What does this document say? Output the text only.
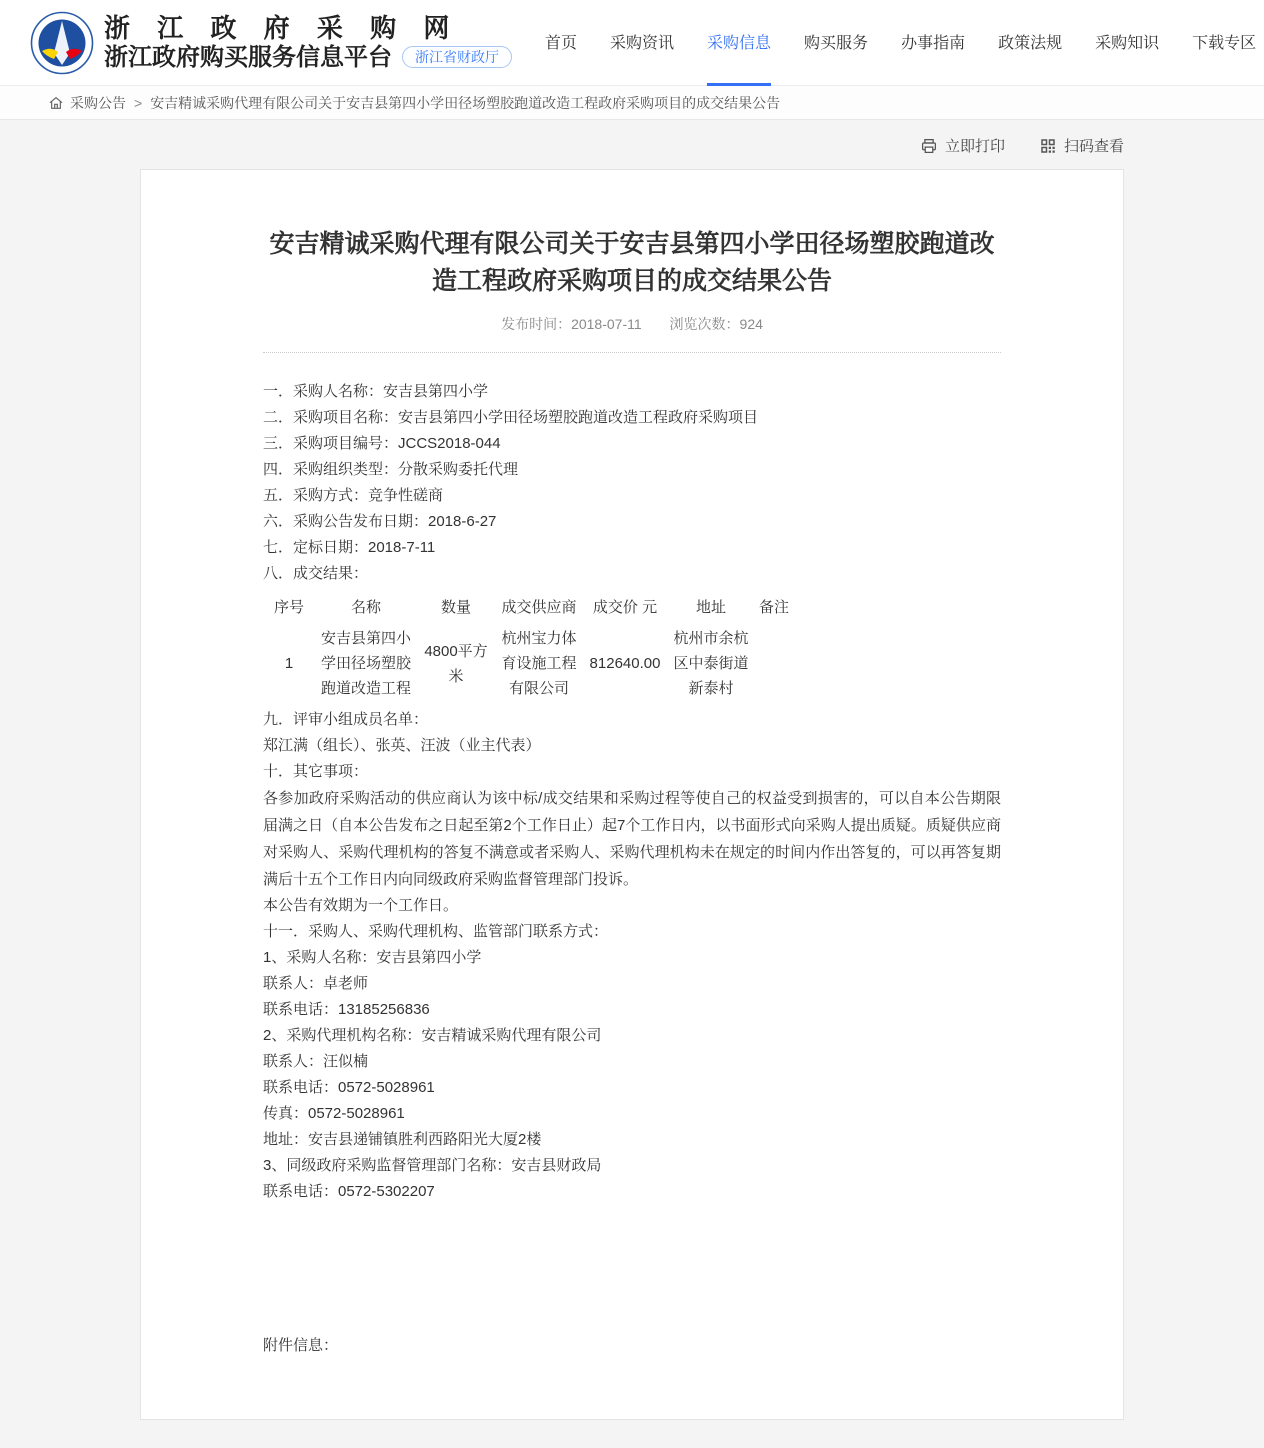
浙 江 政 府 采 购 网
浙江政府购买服务信息平台	浙江省财政厅
首页 采购资讯 采购信息 购买服务 办事指南 政策法规 采购知识 下载专区
采购公告 > 安吉精诚采购代理有限公司关于安吉县第四小学田径场塑胶跑道改造工程政府采购项目的成交结果公告
立即打印	扫码查看
安吉精诚采购代理有限公司关于安吉县第四小学田径场塑胶跑道改造工程政府采购项目的成交结果公告
发布时间：2018-07-11 浏览次数：924
一．采购人名称：安吉县第四小学
二．采购项目名称：安吉县第四小学田径场塑胶跑道改造工程政府采购项目
三．采购项目编号：JCCS2018-044
四．采购组织类型：分散采购委托代理
五．采购方式：竞争性磋商
六．采购公告发布日期：2018-6-27
七．定标日期：2018-7-11
八．成交结果：
序号	名称	数量	成交供应商	成交价 元	地址	备注
1	安吉县第四小学田径场塑胶跑道改造工程	4800平方米	杭州宝力体育设施工程有限公司	812640.00	杭州市余杭区中泰街道新泰村	
九．评审小组成员名单：
郑江满（组长）、张英、汪波（业主代表）
十．其它事项：
各参加政府采购活动的供应商认为该中标/成交结果和采购过程等使自己的权益受到损害的，可以自本公告期限届满之日（自本公告发布之日起至第2个工作日止）起7个工作日内，以书面形式向采购人提出质疑。质疑供应商对采购人、采购代理机构的答复不满意或者采购人、采购代理机构未在规定的时间内作出答复的，可以再答复期满后十五个工作日内向同级政府采购监督管理部门投诉。
本公告有效期为一个工作日。
十一．采购人、采购代理机构、监管部门联系方式：
1、采购人名称：安吉县第四小学
联系人：卓老师
联系电话：13185256836
2、采购代理机构名称：安吉精诚采购代理有限公司
联系人：汪似楠
联系电话：0572-5028961
传真：0572-5028961
地址：安吉县递铺镇胜利西路阳光大厦2楼
3、同级政府采购监督管理部门名称：安吉县财政局
联系电话：0572-5302207
附件信息：
